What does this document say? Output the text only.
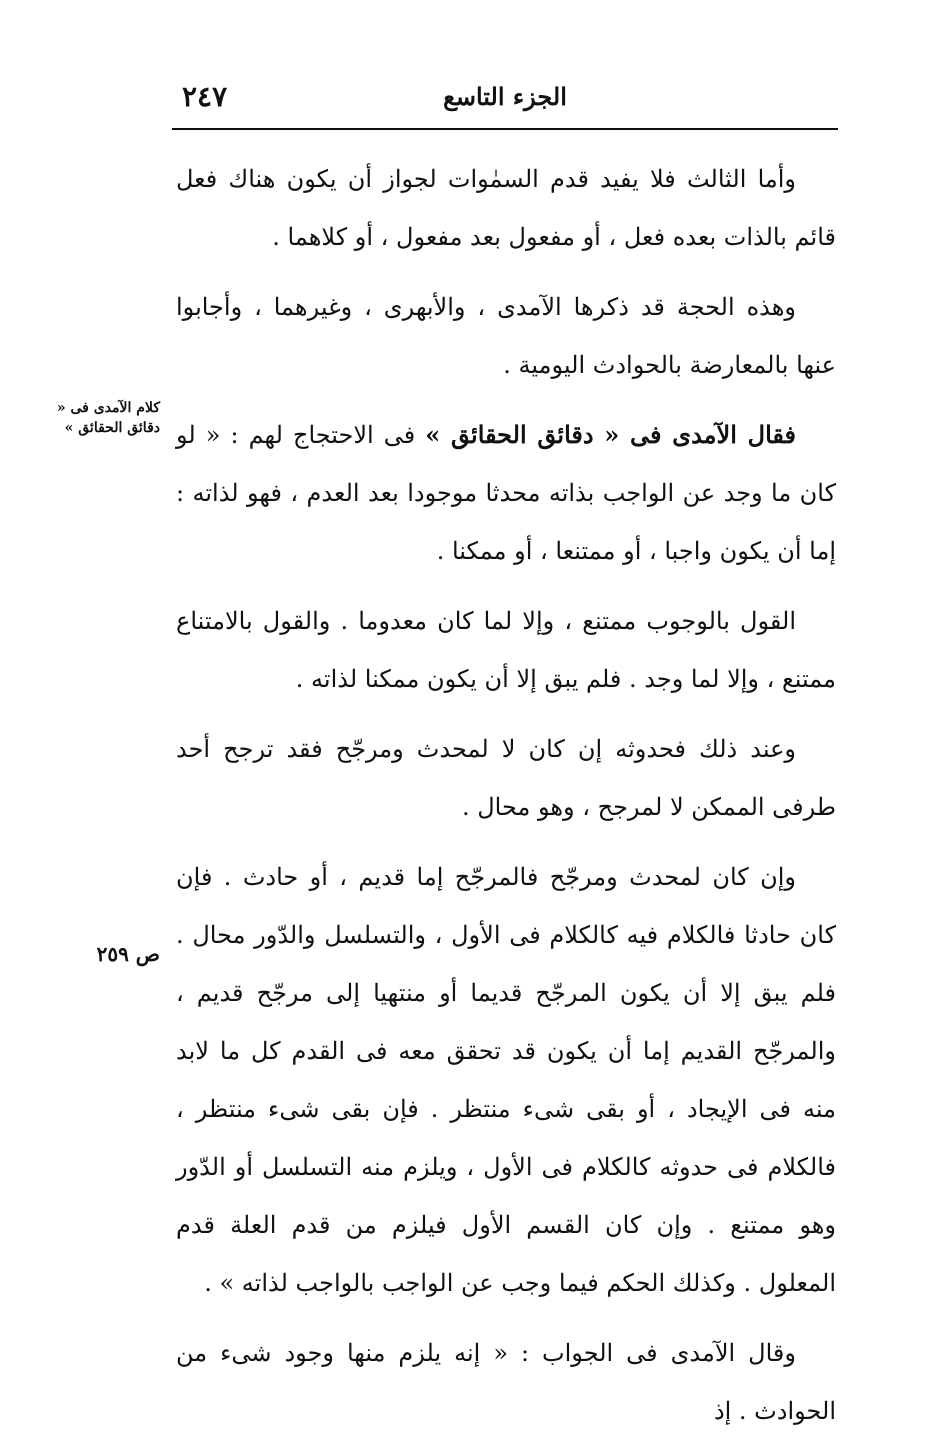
٢٤٧	الجزء التاسع
كلام الآمدى فى « دقائق الحقائق »
ص ٢٥٩

وأما الثالث فلا يفيد قدم السمٰوات لجواز أن يكون هناك فعل قائم بالذات بعده فعل ، أو مفعول بعد مفعول ، أو كلاهما .

وهذه الحجة قد ذكرها الآمدى ، والأبهرى ، وغيرهما ، وأجابوا عنها بالمعارضة بالحوادث اليومية .

فقال الآمدى فى « دقائق الحقائق » فى الاحتجاج لهم : « لو كان ما وجد عن الواجب بذاته محدثا موجودا بعد العدم ، فهو لذاته : إما أن يكون واجبا ، أو ممتنعا ، أو ممكنا .

القول بالوجوب ممتنع ، وإلا لما كان معدوما . والقول بالامتناع ممتنع ، وإلا لما وجد . فلم يبق إلا أن يكون ممكنا لذاته .

وعند ذلك فحدوثه إن كان لا لمحدث ومرجّح فقد ترجح أحد طرفى الممكن لا لمرجح ، وهو محال .

وإن كان لمحدث ومرجّح فالمرجّح إما قديم ، أو حادث . فإن كان حادثا فالكلام فيه كالكلام فى الأول ، والتسلسل والدّور محال . فلم يبق إلا أن يكون المرجّح قديما أو منتهيا إلى مرجّح قديم ، والمرجّح القديم إما أن يكون قد تحقق معه فى القدم كل ما لابد منه فى الإيجاد ، أو بقى شىء منتظر . فإن بقى شىء منتظر ، فالكلام فى حدوثه كالكلام فى الأول ، ويلزم منه التسلسل أو الدّور وهو ممتنع . وإن كان القسم الأول فيلزم من قدم العلة قدم المعلول . وكذلك الحكم فيما وجب عن الواجب بالواجب لذاته » .

وقال الآمدى فى الجواب : « إنه يلزم منها وجود شىء من الحوادث . إذ
